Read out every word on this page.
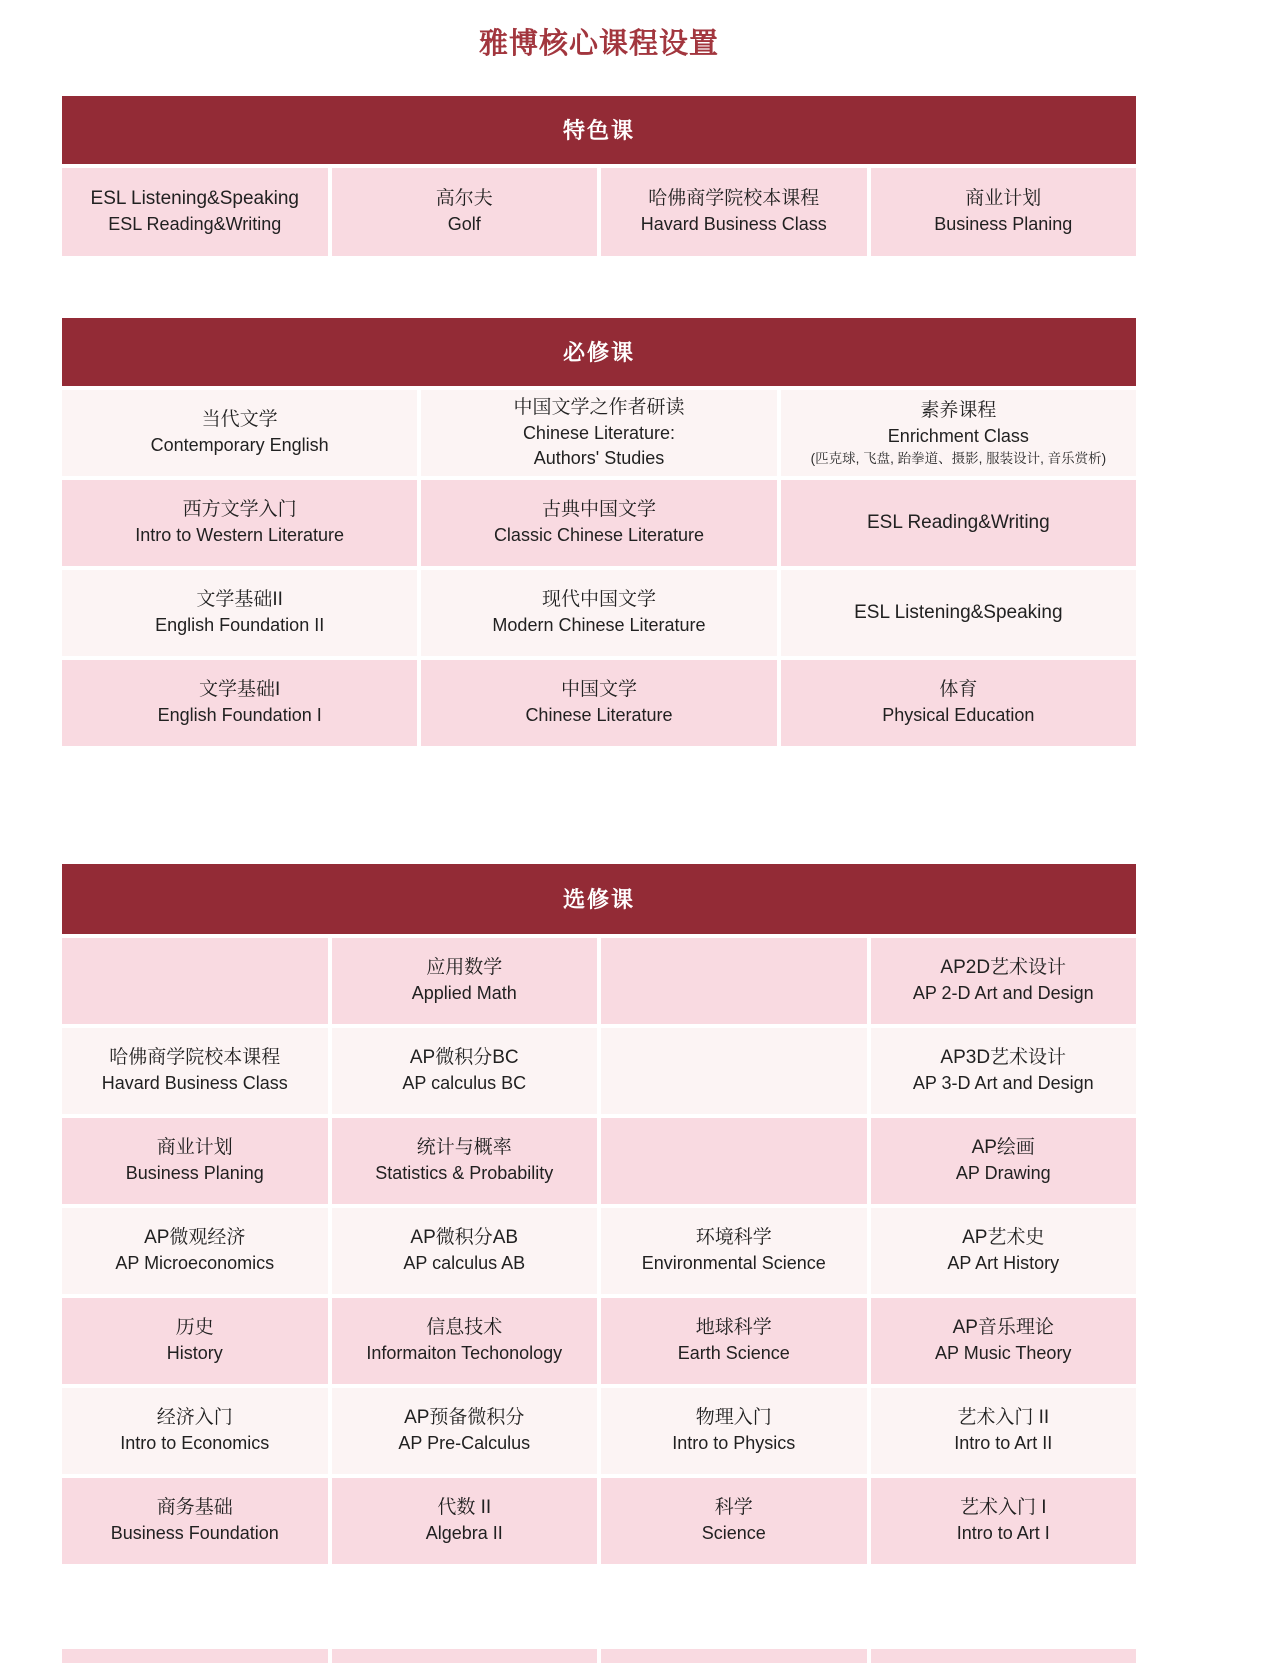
雅博核心课程设置
特色课
ESL Listening&Speaking
ESL Reading&Writing
高尔夫
Golf
哈佛商学院校本课程
Havard Business Class
商业计划
Business Planing
必修课
当代文学
Contemporary English
中国文学之作者研读
Chinese Literature:
Authors' Studies
素养课程
Enrichment Class
(匹克球, 飞盘, 跆拳道、摄影, 服装设计, 音乐赏析)
西方文学入门
Intro to Western Literature
古典中国文学
Classic Chinese Literature
ESL Reading&Writing
文学基础II
English Foundation II
现代中国文学
Modern Chinese Literature
ESL Listening&Speaking
文学基础I
English Foundation I
中国文学
Chinese Literature
体育
Physical Education
选修课
应用数学
Applied Math
AP2D艺术设计
AP 2-D Art and Design
哈佛商学院校本课程
Havard Business Class
AP微积分BC
AP calculus BC
AP3D艺术设计
AP 3-D Art and Design
商业计划
Business Planing
统计与概率
Statistics & Probability
AP绘画
AP Drawing
AP微观经济
AP Microeconomics
AP微积分AB
AP calculus AB
环境科学
Environmental Science
AP艺术史
AP Art History
历史
History
信息技术
Informaiton Techonology
地球科学
Earth Science
AP音乐理论
AP Music Theory
经济入门
Intro to Economics
AP预备微积分
AP Pre-Calculus
物理入门
Intro to Physics
艺术入门 II
Intro to Art II
商务基础
Business Foundation
代数 II
Algebra II
科学
Science
艺术入门 I
Intro to Art I
